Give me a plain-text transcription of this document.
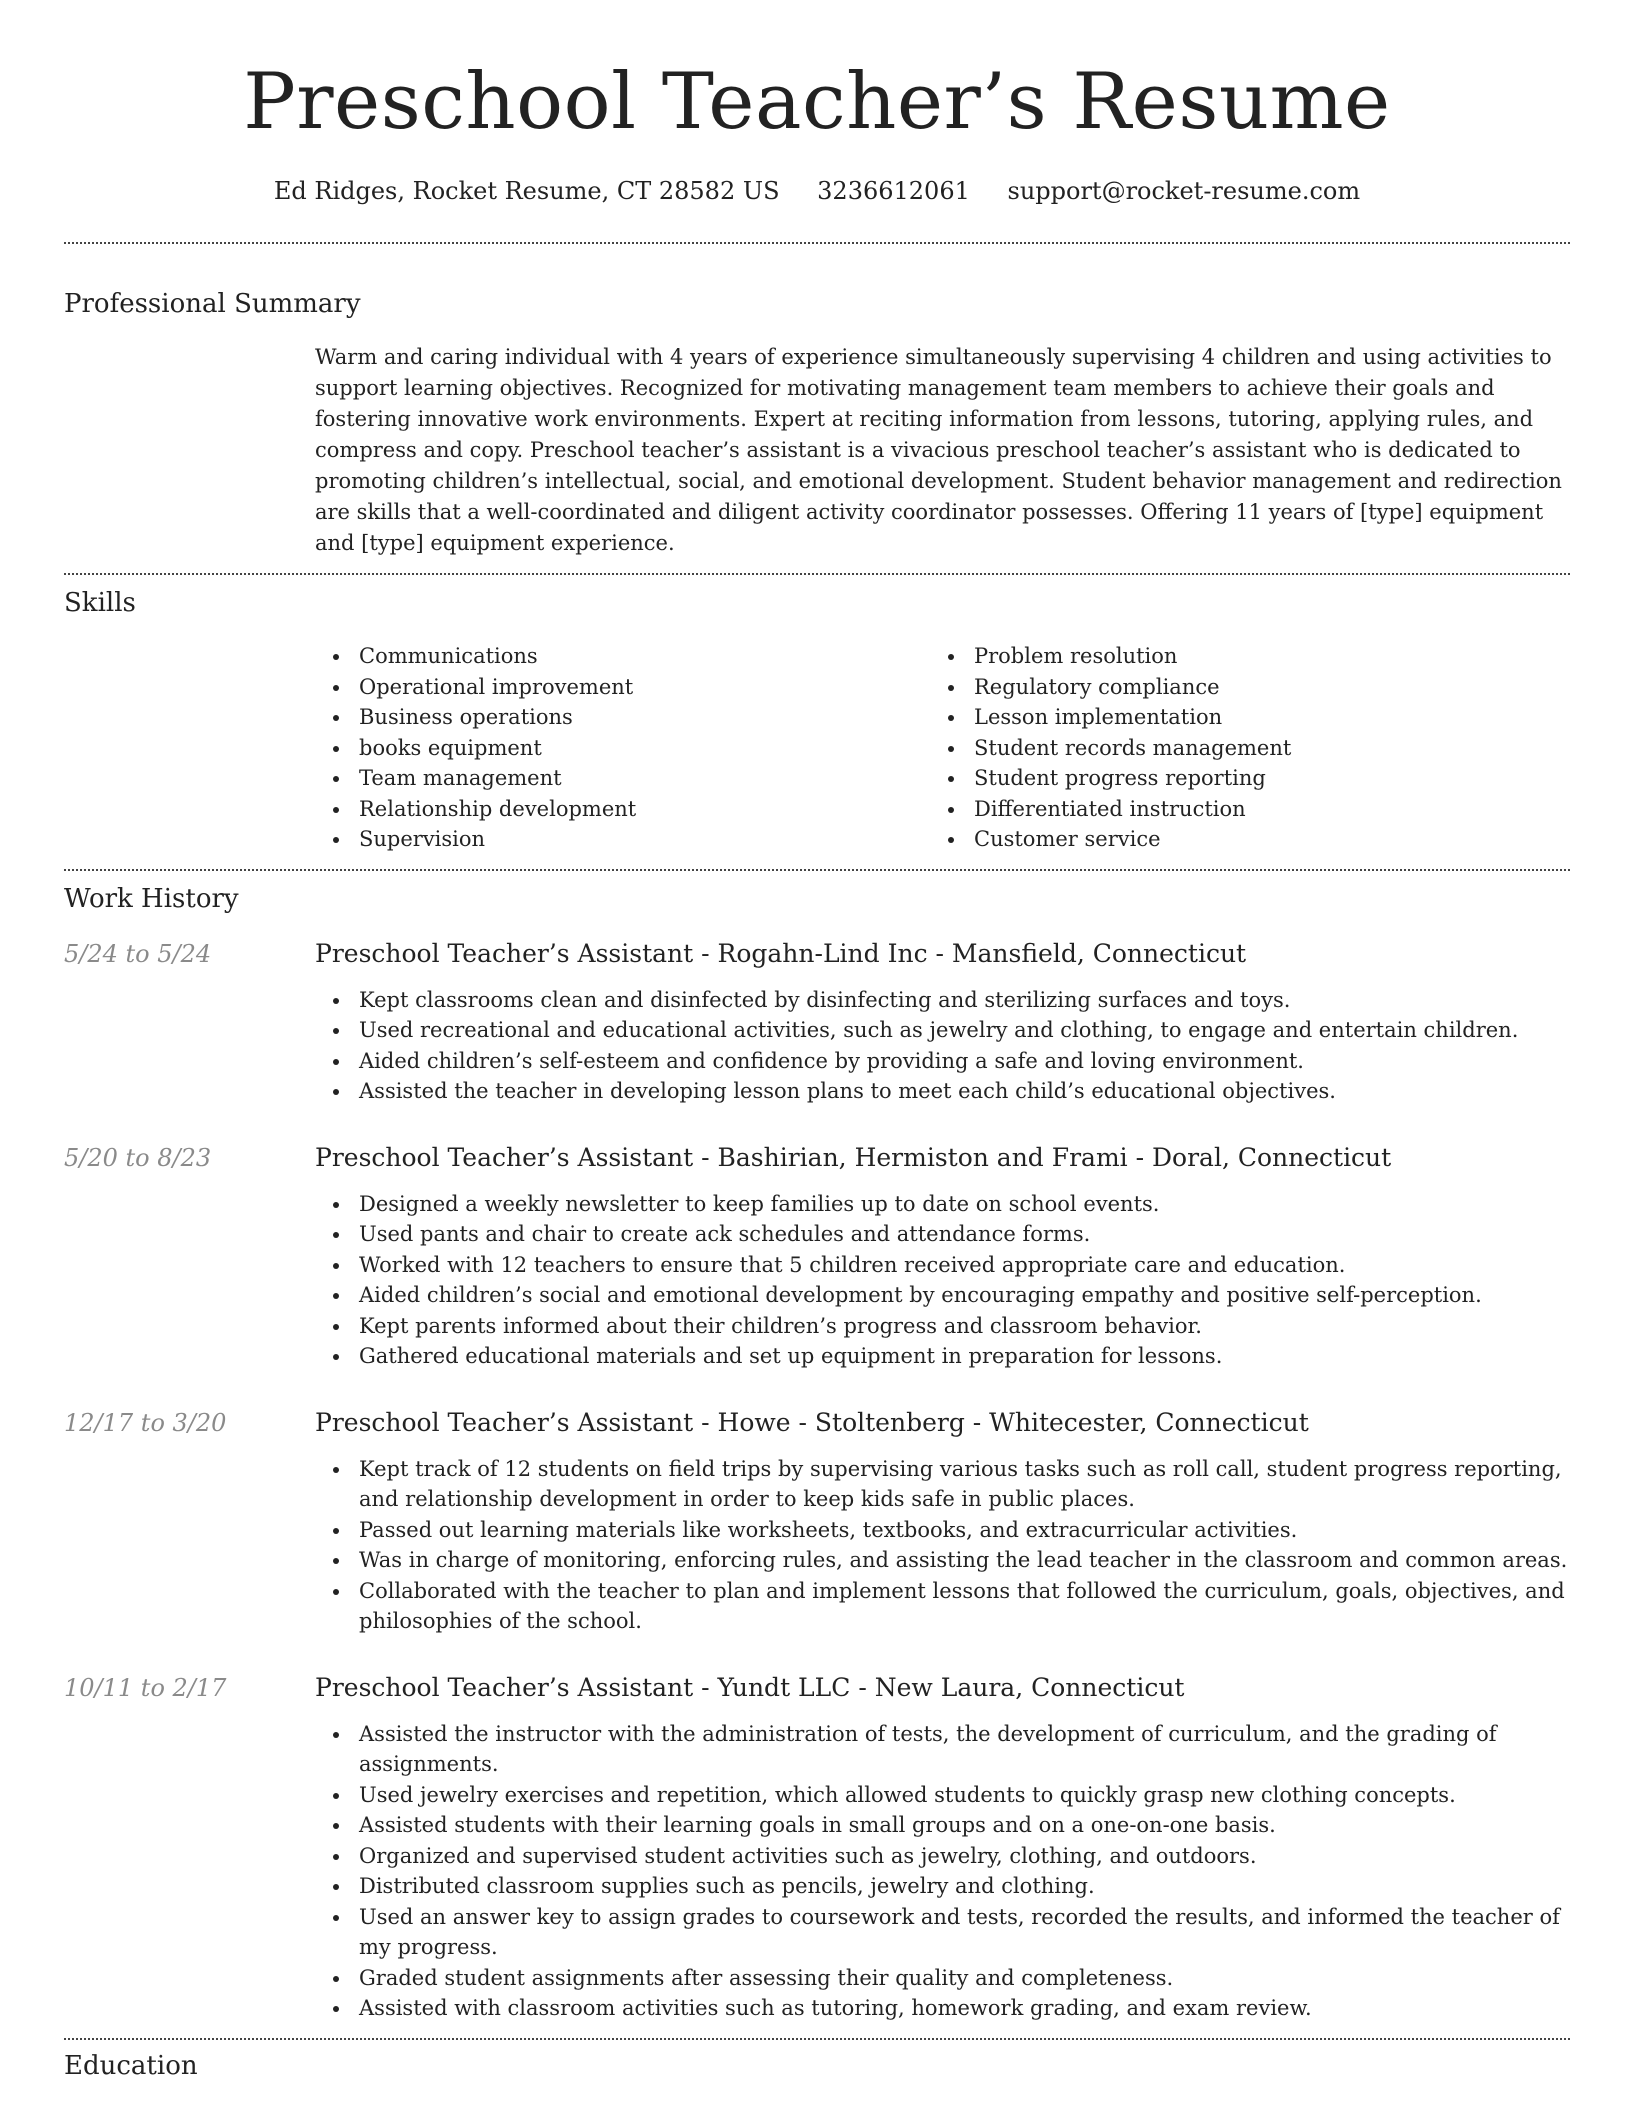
Preschool Teacher’s Resume
Ed Ridges, Rocket Resume, CT 28582 US 3236612061 support@rocket-resume.com
Professional Summary

Warm and caring individual with 4 years of experience simultaneously supervising 4 children and using activities to support learning objectives. Recognized for motivating management team members to achieve their goals and fostering innovative work environments. Expert at reciting information from lessons, tutoring, applying rules, and compress and copy. Preschool teacher’s assistant is a vivacious preschool teacher’s assistant who is dedicated to promoting children’s intellectual, social, and emotional development. Student behavior management and redirection are skills that a well-coordinated and diligent activity coordinator possesses. Offering 11 years of [type] equipment and [type] equipment experience.

Skills
Communications
Operational improvement
Business operations
books equipment
Team management
Relationship development
Supervision
Problem resolution
Regulatory compliance
Lesson implementation
Student records management
Student progress reporting
Differentiated instruction
Customer service
Work History
5/24 to 5/24	Preschool Teacher’s Assistant - Rogahn-Lind Inc - Mansfield, Connecticut
Kept classrooms clean and disinfected by disinfecting and sterilizing surfaces and toys.
Used recreational and educational activities, such as jewelry and clothing, to engage and entertain children.
Aided children’s self-esteem and confidence by providing a safe and loving environment.
Assisted the teacher in developing lesson plans to meet each child’s educational objectives.
5/20 to 8/23	Preschool Teacher’s Assistant - Bashirian, Hermiston and Frami - Doral, Connecticut
Designed a weekly newsletter to keep families up to date on school events.
Used pants and chair to create ack schedules and attendance forms.
Worked with 12 teachers to ensure that 5 children received appropriate care and education.
Aided children’s social and emotional development by encouraging empathy and positive self-perception.
Kept parents informed about their children’s progress and classroom behavior.
Gathered educational materials and set up equipment in preparation for lessons.
12/17 to 3/20	Preschool Teacher’s Assistant - Howe - Stoltenberg - Whitecester, Connecticut
Kept track of 12 students on field trips by supervising various tasks such as roll call, student progress reporting, and relationship development in order to keep kids safe in public places.
Passed out learning materials like worksheets, textbooks, and extracurricular activities.
Was in charge of monitoring, enforcing rules, and assisting the lead teacher in the classroom and common areas.
Collaborated with the teacher to plan and implement lessons that followed the curriculum, goals, objectives, and philosophies of the school.
10/11 to 2/17	Preschool Teacher’s Assistant - Yundt LLC - New Laura, Connecticut
Assisted the instructor with the administration of tests, the development of curriculum, and the grading of assignments.
Used jewelry exercises and repetition, which allowed students to quickly grasp new clothing concepts.
Assisted students with their learning goals in small groups and on a one-on-one basis.
Organized and supervised student activities such as jewelry, clothing, and outdoors.
Distributed classroom supplies such as pencils, jewelry and clothing.
Used an answer key to assign grades to coursework and tests, recorded the results, and informed the teacher of my progress.
Graded student assignments after assessing their quality and completeness.
Assisted with classroom activities such as tutoring, homework grading, and exam review.
Education
